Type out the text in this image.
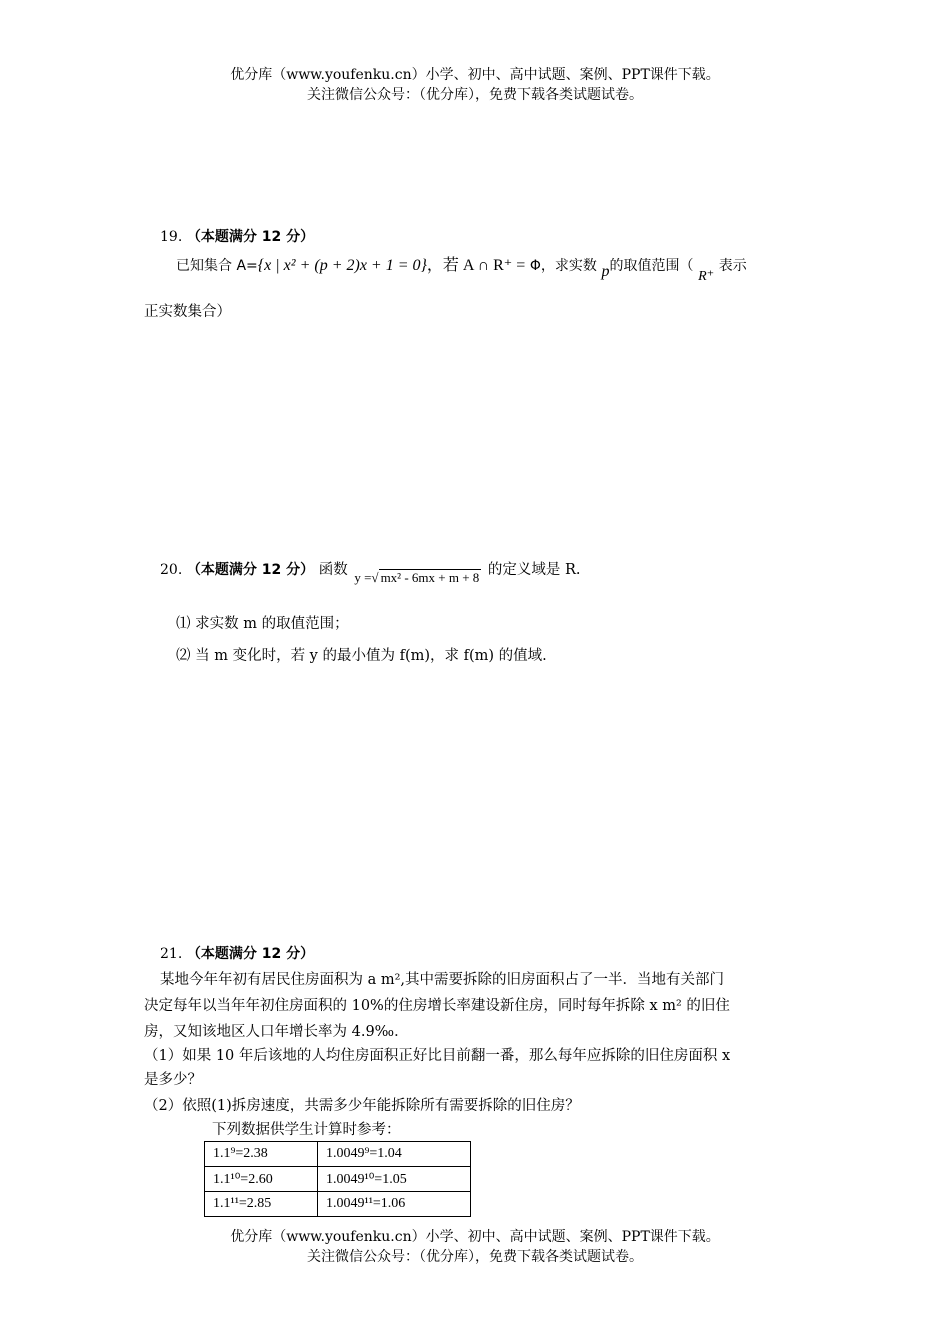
优分库（www.youfenku.cn）小学、初中、高中试题、案例、PPT课件下载。
关注微信公众号：（优分库），免费下载各类试题试卷。
19. （本题满分 12 分）
已知集合 A={x | x² + (p + 2)x + 1 = 0}，若 A ∩ R⁺ = Φ，求实数 p的取值范围（ R⁺ 表示
正实数集合）
20. （本题满分 12 分） 函数 y =√ mx² - 6mx + m + 8 的定义域是 R.
⑴ 求实数 m 的取值范围；
⑵ 当 m 变化时，若 y 的最小值为 f(m)，求 f(m) 的值域.
21. （本题满分 12 分）
某地今年年初有居民住房面积为 a m²,其中需要拆除的旧房面积占了一半．当地有关部门
决定每年以当年年初住房面积的 10%的住房增长率建设新住房，同时每年拆除 x m² 的旧住
房，又知该地区人口年增长率为 4.9‰．
（1）如果 10 年后该地的人均住房面积正好比目前翻一番，那么每年应拆除的旧住房面积 x
是多少？
（2）依照(1)拆房速度，共需多少年能拆除所有需要拆除的旧住房？
下列数据供学生计算时参考：
1.1⁹=2.38	1.0049⁹=1.04
1.1¹⁰=2.60	1.0049¹⁰=1.05
1.1¹¹=2.85	1.0049¹¹=1.06
优分库（www.youfenku.cn）小学、初中、高中试题、案例、PPT课件下载。
关注微信公众号：（优分库），免费下载各类试题试卷。
